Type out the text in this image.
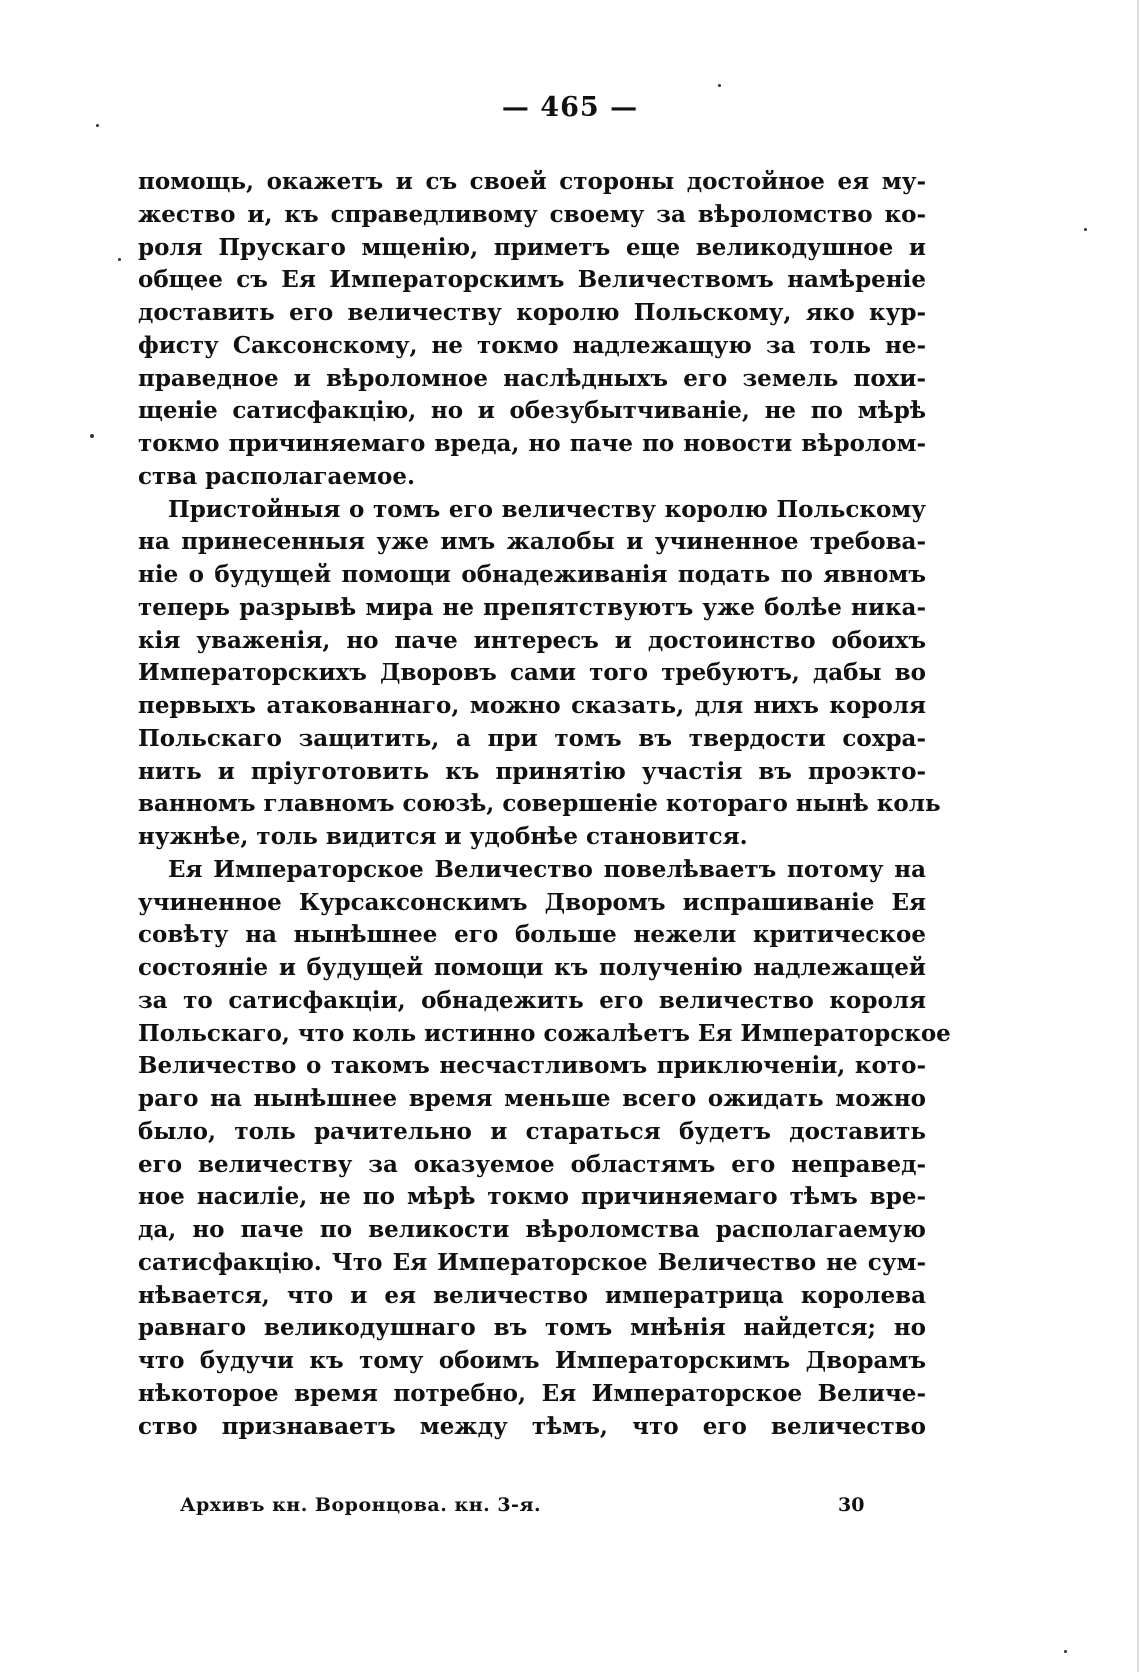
— 465 —
помощь, окажетъ и съ своей стороны достойное ея му-
жество и, къ справедливому своему за вѣроломство ко-
роля Прускаго мщенію, приметъ еще великодушное и
общее съ Ея Императорскимъ Величествомъ намѣреніе
доставить его величеству королю Польскому, яко кур-
фисту Саксонскому, не токмо надлежащую за толь не-
праведное и вѣроломное наслѣдныхъ его земель похи-
щеніе сатисфакцію, но и обезубытчиваніе, не по мѣрѣ
токмо причиняемаго вреда, но паче по новости вѣролом-
ства располагаемое.
Пристойныя о томъ его величеству королю Польскому
на принесенныя уже имъ жалобы и учиненное требова-
ніе о будущей помощи обнадеживанія подать по явномъ
теперь разрывѣ мира не препятствуютъ уже болѣе никa-
кія уваженія, но паче интересъ и достоинство обоихъ
Императорскихъ Дворовъ сами того требуютъ, дабы во
первыхъ атакованнаго, можно сказать, для нихъ короля
Польскаго защитить, а при томъ въ твердости сохра-
нить и пріуготовить къ принятію участія въ проэкто-
ванномъ главномъ союзѣ, совершеніе котораго нынѣ коль
нужнѣе, толь видится и удобнѣе становится.
Ея Императорское Величество повелѣваетъ потому на
учиненное Курсаксонскимъ Дворомъ испрашиваніе Ея
совѣту на нынѣшнее его больше нежели критическое
состояніе и будущей помощи къ полученію надлежащей
за то сатисфакціи, обнадежить его величество короля
Польскаго, что коль истинно сожалѣетъ Ея Императорское
Величество о такомъ несчастливомъ приключеніи, кото-
раго на нынѣшнее время меньше всего ожидать можно
было, толь рачительно и стараться будетъ доставить
его величеству за оказуемое областямъ его неправед-
ное насиліе, не по мѣрѣ токмо причиняемаго тѣмъ вре-
да, но паче по великости вѣроломства располагаемую
сатисфакцію. Что Ея Императорское Величество не сум-
нѣвается, что и ея величество императрица королева
равнаго великодушнаго въ томъ мнѣнія найдется; но
что будучи къ тому обоимъ Императорскимъ Дворамъ
нѣкоторое время потребно, Ея Императорское Величе-
ство признаваетъ между тѣмъ, что его величество
Архивъ кн. Воронцова. кн. 3-я.	30
